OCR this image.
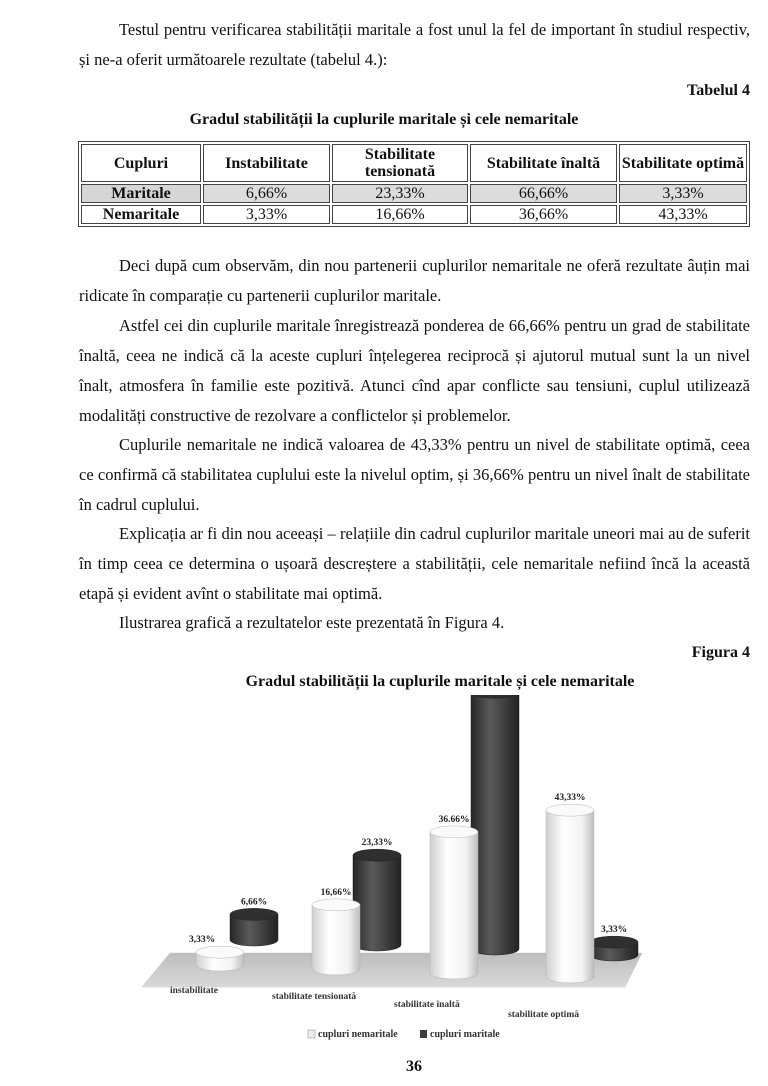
Testul pentru verificarea stabilității maritale a fost unul la fel de important în studiul respectiv, și ne-a oferit următoarele rezultate (tabelul 4.):

Tabelul 4
Gradul stabilității la cuplurile maritale și cele nemaritale
Cupluri	Instabilitate	Stabilitate tensionată	Stabilitate înaltă	Stabilitate optimă
Maritale	6,66%	23,33%	66,66%	3,33%
Nemaritale	3,33%	16,66%	36,66%	43,33%

Deci după cum observăm, din nou partenerii cuplurilor nemaritale ne oferă rezultate âuțin mai ridicate în comparație cu partenerii cuplurilor maritale.

Astfel cei din cuplurile maritale înregistrează ponderea de 66,66% pentru un grad de stabilitate înaltă, ceea ne indică că la aceste cupluri înțelegerea reciprocă și ajutorul mutual sunt la un nivel înalt, atmosfera în familie este pozitivă. Atunci cînd apar conflicte sau tensiuni, cuplul utilizează modalități constructive de rezolvare a conflictelor și problemelor.

Cuplurile nemaritale ne indică valoarea de 43,33% pentru un nivel de stabilitate optimă, ceea ce confirmă că stabilitatea cuplului este la nivelul optim, și 36,66% pentru un nivel înalt de stabilitate în cadrul cuplului.

Explicația ar fi din nou aceeași – relațiile din cadrul cuplurilor maritale uneori mai au de suferit în timp ceea ce determina o ușoară descreștere a stabilității, cele nemaritale nefiind încă la această etapă și evident avînt o stabilitate mai optimă.

Ilustrarea grafică a rezultatelor este prezentată în Figura 4.

Figura 4
Gradul stabilității la cuplurile maritale și cele nemaritale
6,66%
23,33%
3,33%
3,33%
16,66%
36.66%
43,33%
instabilitate
stabilitate tensionată
stabilitate înaltă
stabilitate optimă
cupluri nemaritale	cupluri maritale
36
